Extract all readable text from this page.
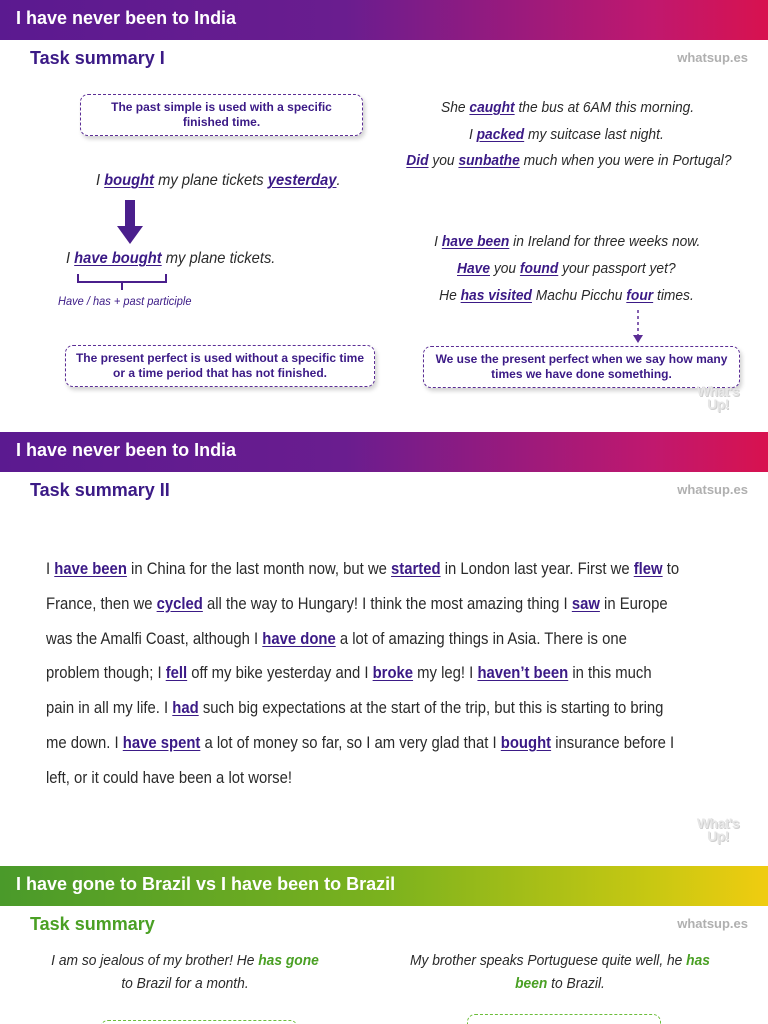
I have never been to India
Task summary I	whatsup.es
The past simple is used with a specific finished time.
I bought my plane tickets yesterday.
I have bought my plane tickets.
Have / has + past participle
The present perfect is used without a specific time or a time period that has not finished.
She caught the bus at 6AM this morning.
I packed my suitcase last night.
Did you sunbathe much when you were in Portugal?
I have been in Ireland for three weeks now.
Have you found your passport yet?
He has visited Machu Picchu four times.
We use the present perfect when we say how many times we have done something.
What's Up!
I have never been to India
Task summary II	whatsup.es
I have been in China for the last month now, but we started in London last year. First we flew to
France, then we cycled all the way to Hungary! I think the most amazing thing I saw in Europe
was the Amalfi Coast, although I have done a lot of amazing things in Asia. There is one
problem though; I fell off my bike yesterday and I broke my leg! I haven’t been in this much
pain in all my life. I had such big expectations at the start of the trip, but this is starting to bring
me down. I have spent a lot of money so far, so I am very glad that I bought insurance before I
left, or it could have been a lot worse!
What's Up!
I have gone to Brazil vs I have been to Brazil
Task summary	whatsup.es
I am so jealous of my brother! He has gone
to Brazil for a month.
My brother speaks Portuguese quite well, he has
been to Brazil.
